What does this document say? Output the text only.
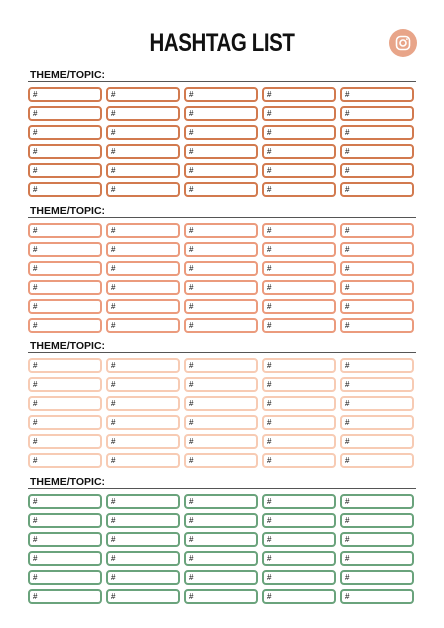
HASHTAG LIST
THEME/TOPIC:
#	#	#	#	#
#	#	#	#	#
#	#	#	#	#
#	#	#	#	#
#	#	#	#	#
#	#	#	#	#
THEME/TOPIC:
#	#	#	#	#
#	#	#	#	#
#	#	#	#	#
#	#	#	#	#
#	#	#	#	#
#	#	#	#	#
THEME/TOPIC:
#	#	#	#	#
#	#	#	#	#
#	#	#	#	#
#	#	#	#	#
#	#	#	#	#
#	#	#	#	#
THEME/TOPIC:
#	#	#	#	#
#	#	#	#	#
#	#	#	#	#
#	#	#	#	#
#	#	#	#	#
#	#	#	#	#
